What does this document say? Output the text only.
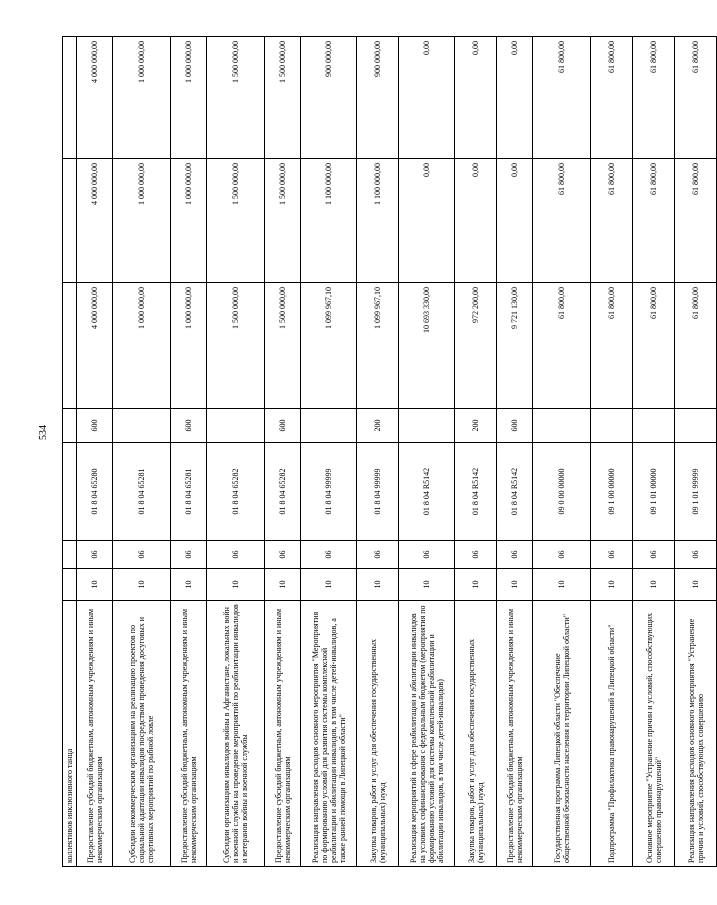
534
коллективов инклюзивного танца							
Предоставление субсидий бюджетным, автономным учреждениям и иным некоммерческим организациям	10	06	01 8 04 65280	600	4 000 000,00	4 000 000,00	4 000 000,00
Субсидии некоммерческим организациям на реализацию проектов по социальной адаптации инвалидов посредством проведения досуговых и спортивных мероприятий по рыбной ловле	10	06	01 8 04 65281		1 000 000,00	1 000 000,00	1 000 000,00
Предоставление субсидий бюджетным, автономным учреждениям и иным некоммерческим организациям	10	06	01 8 04 65281	600	1 000 000,00	1 000 000,00	1 000 000,00
Субсидии организациям инвалидов войны в Афганистане, локальных войн и военной службы на проведение мероприятий по реабилитации инвалидов и ветеранов войны и военной службы	10	06	01 8 04 65282		1 500 000,00	1 500 000,00	1 500 000,00
Предоставление субсидий бюджетным, автономным учреждениям и иным некоммерческим организациям	10	06	01 8 04 65282	600	1 500 000,00	1 500 000,00	1 500 000,00
Реализация направления расходов основного мероприятия "Мероприятия по формированию условий для развития системы комплексной реабилитации и абилитации инвалидов, в том числе детей-инвалидов, а также ранней помощи в Липецкой области"	10	06	01 8 04 99999		1 099 967,10	1 100 000,00	900 000,00
Закупка товаров, работ и услуг для обеспечения государственных (муниципальных) нужд	10	06	01 8 04 99999	200	1 099 967,10	1 100 000,00	900 000,00
Реализация мероприятий в сфере реабилитации и абилитации инвалидов на условиях софинансирования с федеральным бюджетом (мероприятия по формированию условий для системы комплексной реабилитации и абилитации инвалидов, в том числе детей-инвалидов)	10	06	01 8 04 R5142		10 693 330,00	0,00	0,00
Закупка товаров, работ и услуг для обеспечения государственных (муниципальных) нужд	10	06	01 8 04 R5142	200	972 200,00	0,00	0,00
Предоставление субсидий бюджетным, автономным учреждениям и иным некоммерческим организациям	10	06	01 8 04 R5142	600	9 721 130,00	0,00	0,00
Государственная программа Липецкой области "Обеспечение общественной безопасности населения и территории Липецкой области"	10	06	09 0 00 00000		61 800,00	61 800,00	61 800,00
Подпрограмма "Профилактика правонарушений в Липецкой области"	10	06	09 1 00 00000		61 800,00	61 800,00	61 800,00
Основное мероприятие "Устранение причин и условий, способствующих совершению правонарушений"	10	06	09 1 01 00000		61 800,00	61 800,00	61 800,00
Реализация направления расходов основного мероприятия "Устранение причин и условий, способствующих совершению	10	06	09 1 01 99999		61 800,00	61 800,00	61 800,00
